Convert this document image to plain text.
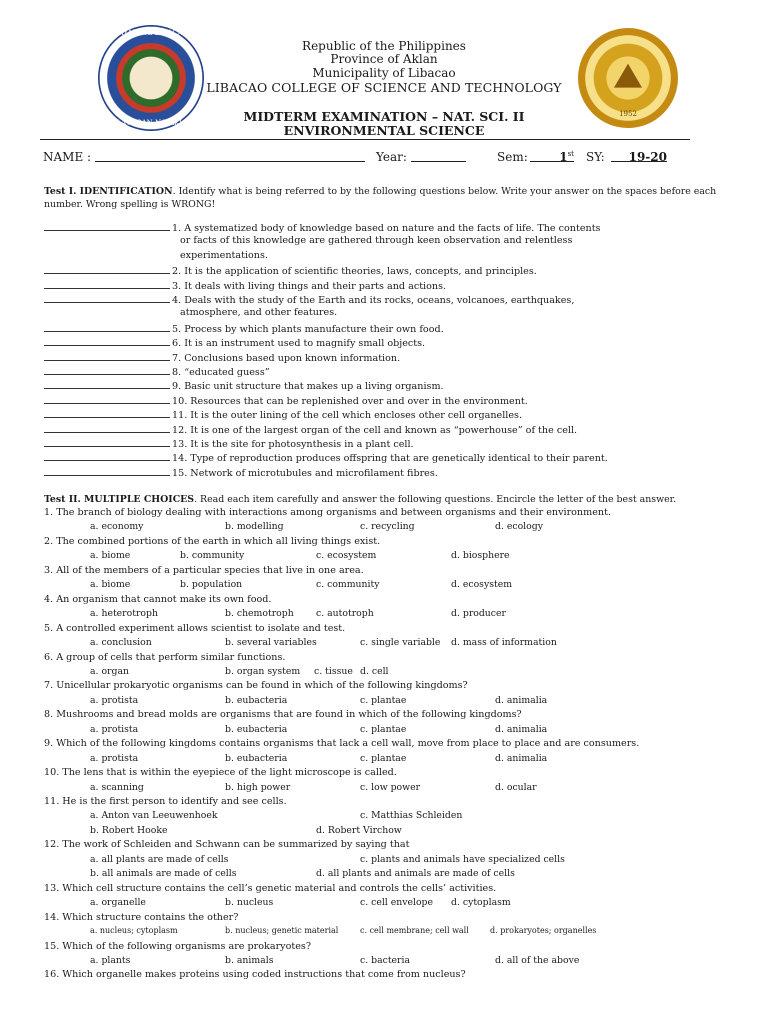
BAYAN NG LIBACAO
LALAWIGAN NG AKLAN
1952
Republic of the Philippines
Province of Aklan
Municipality of Libacao
LIBACAO COLLEGE OF SCIENCE AND TECHNOLOGY
MIDTERM EXAMINATION – NAT. SCI. II
ENVIRONMENTAL SCIENCE
NAME :	Year:	Sem:	1st SY:	19-20
Test I. IDENTIFICATION. Identify what is being referred to by the following questions below. Write your answer on the spaces before each number. Wrong spelling is WRONG!
1. A systematized body of knowledge based on nature and the facts of life. The contents
or facts of this knowledge are gathered through keen observation and relentless
experimentations.
2. It is the application of scientific theories, laws, concepts, and principles.
3. It deals with living things and their parts and actions.
4. Deals with the study of the Earth and its rocks, oceans, volcanoes, earthquakes,
atmosphere, and other features.
5. Process by which plants manufacture their own food.
6. It is an instrument used to magnify small objects.
7. Conclusions based upon known information.
8. “educated guess”
9. Basic unit structure that makes up a living organism.
10. Resources that can be replenished over and over in the environment.
11. It is the outer lining of the cell which encloses other cell organelles.
12. It is one of the largest organ of the cell and known as “powerhouse” of the cell.
13. It is the site for photosynthesis in a plant cell.
14. Type of reproduction produces offspring that are genetically identical to their parent.
15. Network of microtubules and microfilament fibres.
Test II. MULTIPLE CHOICES. Read each item carefully and answer the following questions. Encircle the letter of the best answer.
1. The branch of biology dealing with interactions among organisms and between organisms and their environment.
a. economy	b. modelling	c. recycling	d. ecology
2. The combined portions of the earth in which all living things exist.
a. biome	b. community	c. ecosystem	d. biosphere
3. All of the members of a particular species that live in one area.
a. biome	b. population	c. community	d. ecosystem
4. An organism that cannot make its own food.
a. heterotroph	b. chemotroph c. autotroph	d. producer
5. A controlled experiment allows scientist to isolate and test.
a. conclusion	b. several variables	c. single variable d. mass of information
6. A group of cells that perform similar functions.
a. organ	b. organ system c. tissue d. cell
7. Unicellular prokaryotic organisms can be found in which of the following kingdoms?
a. protista	b. eubacteria	c. plantae	d. animalia
8. Mushrooms and bread molds are organisms that are found in which of the following kingdoms?
a. protista	b. eubacteria	c. plantae	d. animalia
9. Which of the following kingdoms contains organisms that lack a cell wall, move from place to place and are consumers.
a. protista	b. eubacteria	c. plantae	d. animalia
10. The lens that is within the eyepiece of the light microscope is called.
a. scanning	b. high power	c. low power	d. ocular
11. He is the first person to identify and see cells.
a. Anton van Leeuwenhoek	c. Matthias Schleiden
b. Robert Hooke	d. Robert Virchow
12. The work of Schleiden and Schwann can be summarized by saying that
a. all plants are made of cells	c. plants and animals have specialized cells
b. all animals are made of cells	d. all plants and animals are made of cells
13. Which cell structure contains the cell’s genetic material and controls the cells’ activities.
a. organelle	b. nucleus	c. cell envelope d. cytoplasm
14. Which structure contains the other?
a. nucleus; cytoplasm	b. nucleus; genetic material	c. cell membrane; cell wall	d. prokaryotes; organelles
15. Which of the following organisms are prokaryotes?
a. plants	b. animals	c. bacteria	d. all of the above
16. Which organelle makes proteins using coded instructions that come from nucleus?
